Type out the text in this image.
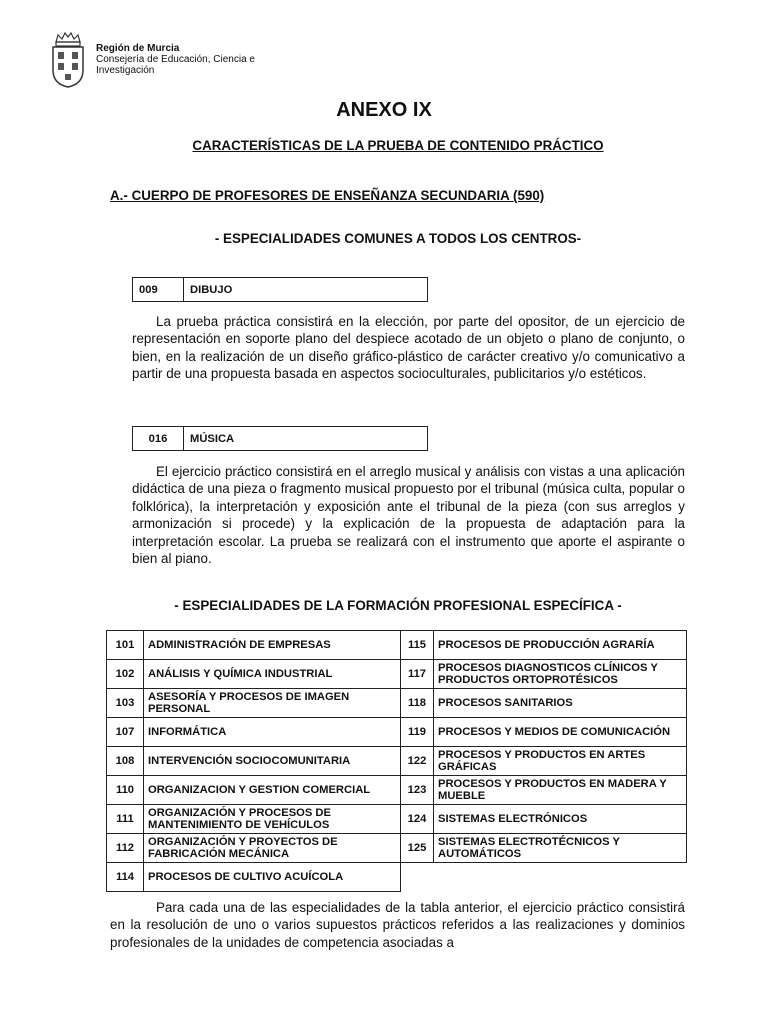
Región de Murcia
Consejería de Educación, Ciencia e
Investigación
ANEXO IX
CARACTERÍSTICAS DE LA PRUEBA DE CONTENIDO PRÁCTICO
A.- CUERPO DE PROFESORES DE ENSEÑANZA SECUNDARIA (590)
- ESPECIALIDADES COMUNES A TODOS LOS CENTROS-
009	DIBUJO
La prueba práctica consistirá en la elección, por parte del opositor, de un ejercicio de representación en soporte plano del despiece acotado de un objeto o plano de conjunto, o bien, en la realización de un diseño gráfico-plástico de carácter creativo y/o comunicativo a partir de una propuesta basada en aspectos socioculturales, publicitarios y/o estéticos.
016	MÚSICA
El ejercicio práctico consistirá en el arreglo musical y análisis con vistas a una aplicación didáctica de una pieza o fragmento musical propuesto por el tribunal (música culta, popular o folklórica), la interpretación y exposición ante el tribunal de la pieza (con sus arreglos y armonización si procede) y la explicación de la propuesta de adaptación para la interpretación escolar. La prueba se realizará con el instrumento que aporte el aspirante o bien al piano.
- ESPECIALIDADES DE LA FORMACIÓN PROFESIONAL ESPECÍFICA -
101	ADMINISTRACIÓN DE EMPRESAS	115	PROCESOS DE PRODUCCIÓN AGRARÍA
102	ANÁLISIS Y QUÍMICA INDUSTRIAL	117	PROCESOS DIAGNOSTICOS CLÍNICOS Y PRODUCTOS ORTOPROTÉSICOS
103	ASESORÍA Y PROCESOS DE IMAGEN PERSONAL	118	PROCESOS SANITARIOS
107	INFORMÁTICA	119	PROCESOS Y MEDIOS DE COMUNICACIÓN
108	INTERVENCIÓN SOCIOCOMUNITARIA	122	PROCESOS Y PRODUCTOS EN ARTES GRÁFICAS
110	ORGANIZACION Y GESTION COMERCIAL	123	PROCESOS Y PRODUCTOS EN MADERA Y MUEBLE
111	ORGANIZACIÓN Y PROCESOS DE MANTENIMIENTO DE VEHÍCULOS	124	SISTEMAS ELECTRÓNICOS
112	ORGANIZACIÓN Y PROYECTOS DE FABRICACIÓN MECÁNICA	125	SISTEMAS ELECTROTÉCNICOS Y AUTOMÁTICOS
114	PROCESOS DE CULTIVO ACUÍCOLA		
Para cada una de las especialidades de la tabla anterior, el ejercicio práctico consistirá en la resolución de uno o varios supuestos prácticos referidos a las realizaciones y dominios profesionales de la unidades de competencia asociadas a
